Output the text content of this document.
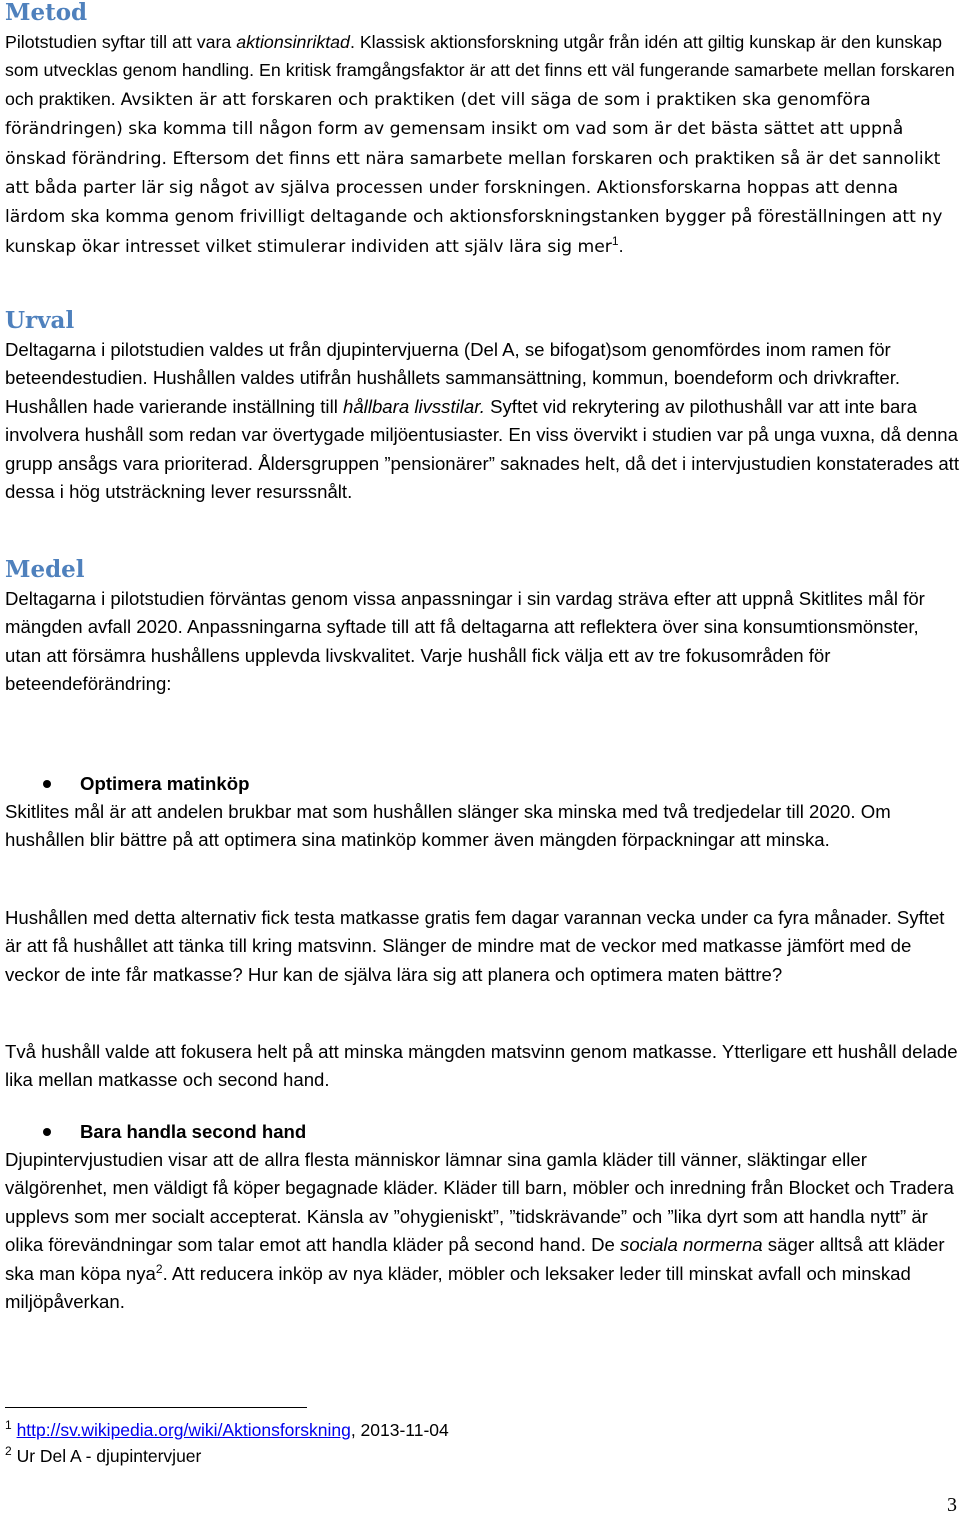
Metod

Pilotstudien syftar till att vara aktionsinriktad. Klassisk aktionsforskning utgår från idén att giltig kunskap är den kunskap som utvecklas genom handling. En kritisk framgångsfaktor är att det finns ett väl fungerande samarbete mellan forskaren och praktiken. Avsikten är att forskaren och praktiken (det vill säga de som i praktiken ska genomföra förändringen) ska komma till någon form av gemensam insikt om vad som är det bästa sättet att uppnå önskad förändring. Eftersom det finns ett nära samarbete mellan forskaren och praktiken så är det sannolikt att båda parter lär sig något av själva processen under forskningen. Aktionsforskarna hoppas att denna lärdom ska komma genom frivilligt deltagande och aktionsforskningstanken bygger på föreställningen att ny kunskap ökar intresset vilket stimulerar individen att själv lära sig mer$^1$.

Urval

Deltagarna i pilotstudien valdes ut från djupintervjuerna (Del A, se bifogat)som genomfördes inom ramen för beteendestudien. Hushållen valdes utifrån hushållets sammansättning, kommun, boendeform och drivkrafter. Hushållen hade varierande inställning till hållbara livsstilar. Syftet vid rekrytering av pilothushåll var att inte bara involvera hushåll som redan var övertygade miljöentusiaster. En viss övervikt i studien var på unga vuxna, då denna grupp ansågs vara prioriterad. Åldersgruppen ”pensionärer” saknades helt, då det i intervjustudien konstaterades att dessa i hög utsträckning lever resurssnålt.

Medel

Deltagarna i pilotstudien förväntas genom vissa anpassningar i sin vardag sträva efter att uppnå Skitlites mål för mängden avfall 2020. Anpassningarna syftade till att få deltagarna att reflektera över sina konsumtionsmönster, utan att försämra hushållens upplevda livskvalitet. Varje hushåll fick välja ett av tre fokusområden för beteendeförändring:

Optimera matinköp

Skitlites mål är att andelen brukbar mat som hushållen slänger ska minska med två tredjedelar till 2020. Om hushållen blir bättre på att optimera sina matinköp kommer även mängden förpackningar att minska.

Hushållen med detta alternativ fick testa matkasse gratis fem dagar varannan vecka under ca fyra månader. Syftet är att få hushållet att tänka till kring matsvinn. Slänger de mindre mat de veckor med matkasse jämfört med de veckor de inte får matkasse? Hur kan de själva lära sig att planera och optimera maten bättre?

Två hushåll valde att fokusera helt på att minska mängden matsvinn genom matkasse. Ytterligare ett hushåll delade lika mellan matkasse och second hand.

Bara handla second hand

Djupintervjustudien visar att de allra flesta människor lämnar sina gamla kläder till vänner, släktingar eller välgörenhet, men väldigt få köper begagnade kläder. Kläder till barn, möbler och inredning från Blocket och Tradera upplevs som mer socialt accepterat. Känsla av ”ohygieniskt”, ”tidskrävande” och ”lika dyrt som att handla nytt” är olika förevändningar som talar emot att handla kläder på second hand. De sociala normerna säger alltså att kläder ska man köpa nya$^2$. Att reducera inköp av nya kläder, möbler och leksaker leder till minskat avfall och minskad miljöpåverkan.

$^1$ http://sv.wikipedia.org/wiki/Aktionsforskning, 2013-11-04
$^2$ Ur Del A - djupintervjuer
3
